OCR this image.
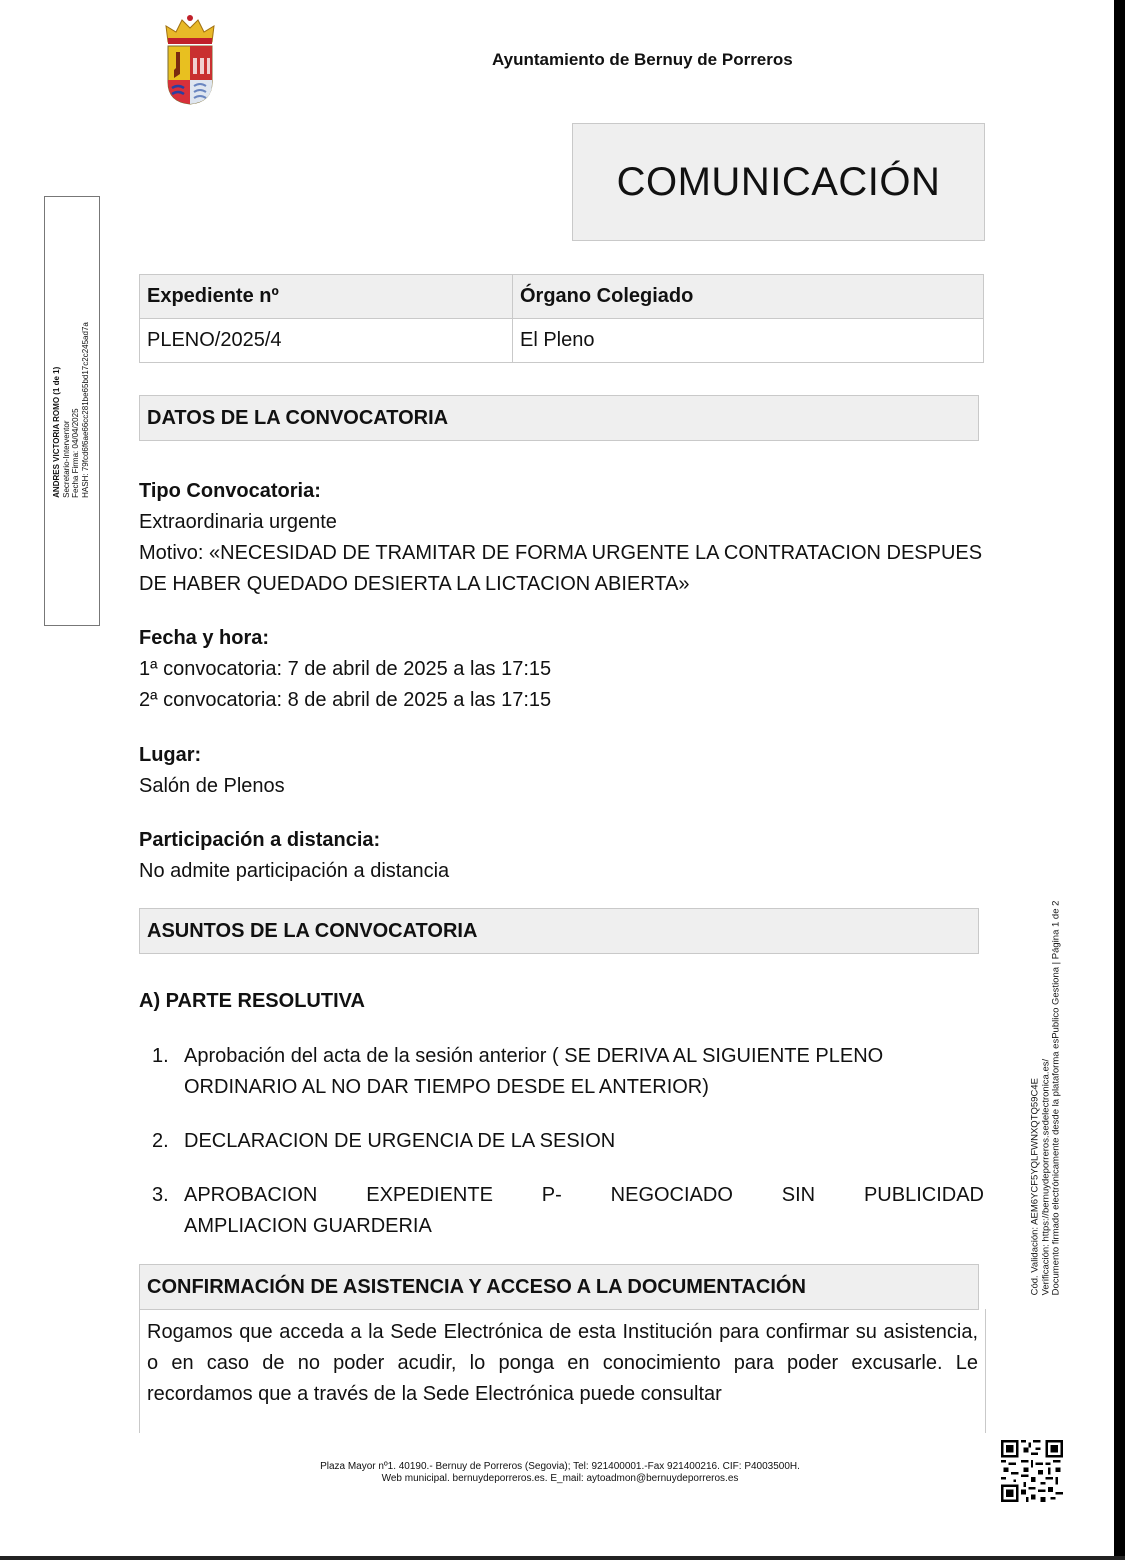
Ayuntamiento de Bernuy de Porreros
COMUNICACIÓN
ANDRES VICTORIA ROMO (1 de 1) Secretario-Interventor Fecha Firma: 04/04/2025 HASH: 79fcd6f6ae66cc281be65bd17c2c245ad7a
Expediente nº	Órgano Colegiado
PLENO/2025/4	El Pleno
DATOS DE LA CONVOCATORIA
Tipo Convocatoria:
Extraordinaria urgente
Motivo: «NECESIDAD DE TRAMITAR DE FORMA URGENTE LA CONTRATACION DESPUES DE HABER QUEDADO DESIERTA LA LICTACION ABIERTA»
Fecha y hora:
1ª convocatoria: 7 de abril de 2025 a las 17:15
2ª convocatoria: 8 de abril de 2025 a las 17:15
Lugar:
Salón de Plenos
Participación a distancia:
No admite participación a distancia
ASUNTOS DE LA CONVOCATORIA
A) PARTE RESOLUTIVA
1. Aprobación del acta de la sesión anterior ( SE DERIVA AL SIGUIENTE PLENO ORDINARIO AL NO DAR TIEMPO DESDE EL ANTERIOR)
2. DECLARACION DE URGENCIA DE LA SESION
3. APROBACION EXPEDIENTE P- NEGOCIADO SIN PUBLICIDAD
AMPLIACION GUARDERIA
CONFIRMACIÓN DE ASISTENCIA Y ACCESO A LA DOCUMENTACIÓN
Rogamos que acceda a la Sede Electrónica de esta Institución para confirmar su asistencia, o en caso de no poder acudir, lo ponga en conocimiento para poder excusarle. Le recordamos que a través de la Sede Electrónica puede consultar
Cód. Validación: AEM6YCF5YQLFWNXQTQ59C4E Verificación: https://bernuydeporreros.sedelectronica.es/ Documento firmado electrónicamente desde la plataforma esPublico Gestiona | Página 1 de 2
Plaza Mayor nº1. 40190.- Bernuy de Porreros (Segovia); Tel: 921400001.-Fax 921400216. CIF: P4003500H.
Web municipal. bernuydeporreros.es. E_mail: aytoadmon@bernuydeporreros.es
